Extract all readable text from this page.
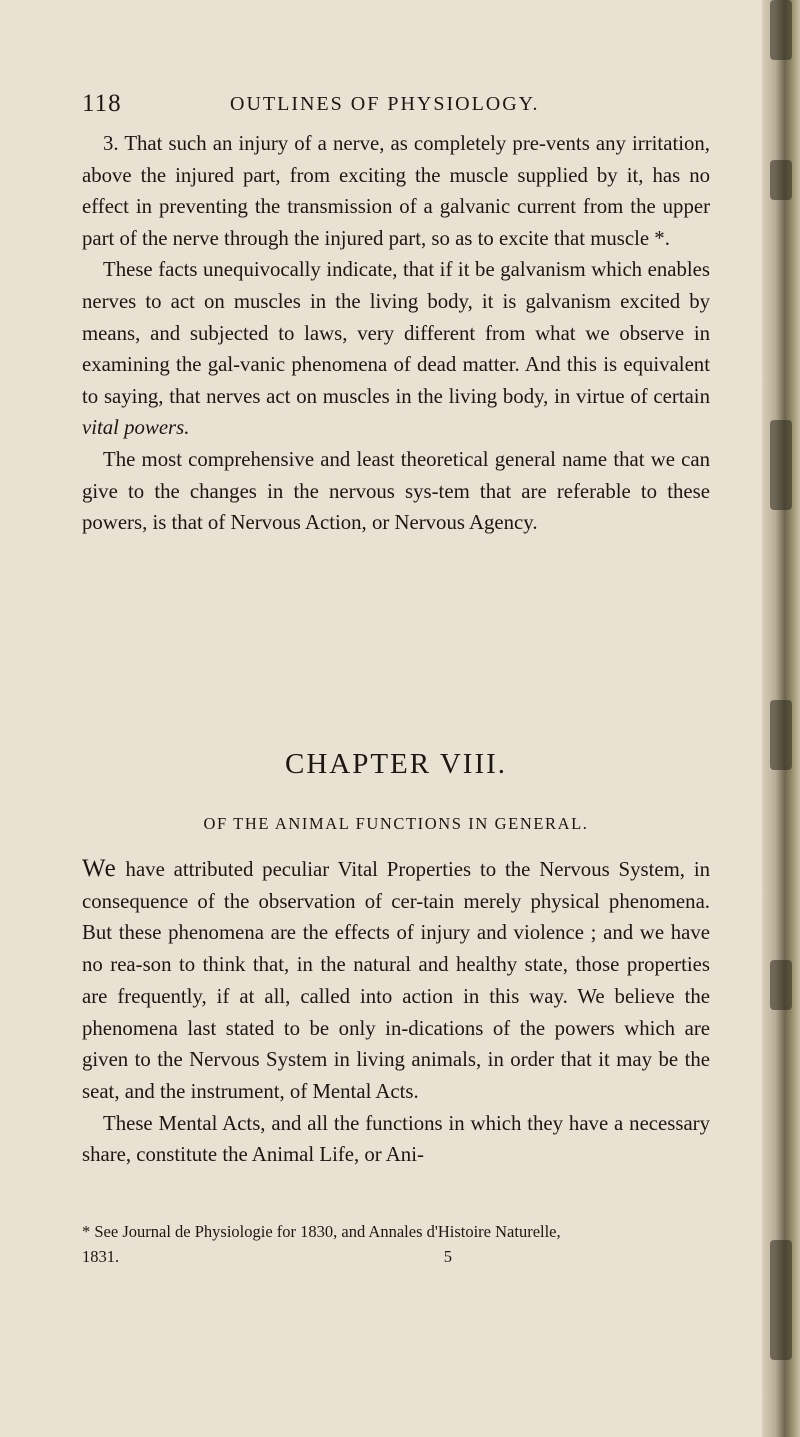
118	OUTLINES OF PHYSIOLOGY.

3. That such an injury of a nerve, as completely pre-vents any irritation, above the injured part, from exciting the muscle supplied by it, has no effect in preventing the transmission of a galvanic current from the upper part of the nerve through the injured part, so as to excite that muscle *.

These facts unequivocally indicate, that if it be galvanism which enables nerves to act on muscles in the living body, it is galvanism excited by means, and subjected to laws, very different from what we observe in examining the gal-vanic phenomena of dead matter. And this is equivalent to saying, that nerves act on muscles in the living body, in virtue of certain vital powers.

The most comprehensive and least theoretical general name that we can give to the changes in the nervous sys-tem that are referable to these powers, is that of Nervous Action, or Nervous Agency.

CHAPTER VIII.
OF THE ANIMAL FUNCTIONS IN GENERAL.

We have attributed peculiar Vital Properties to the Nervous System, in consequence of the observation of cer-tain merely physical phenomena. But these phenomena are the effects of injury and violence ; and we have no rea-son to think that, in the natural and healthy state, those properties are frequently, if at all, called into action in this way. We believe the phenomena last stated to be only in-dications of the powers which are given to the Nervous System in living animals, in order that it may be the seat, and the instrument, of Mental Acts.

These Mental Acts, and all the functions in which they have a necessary share, constitute the Animal Life, or Ani-

* See Journal de Physiologie for 1830, and Annales d'Histoire Naturelle,
1831.	5
